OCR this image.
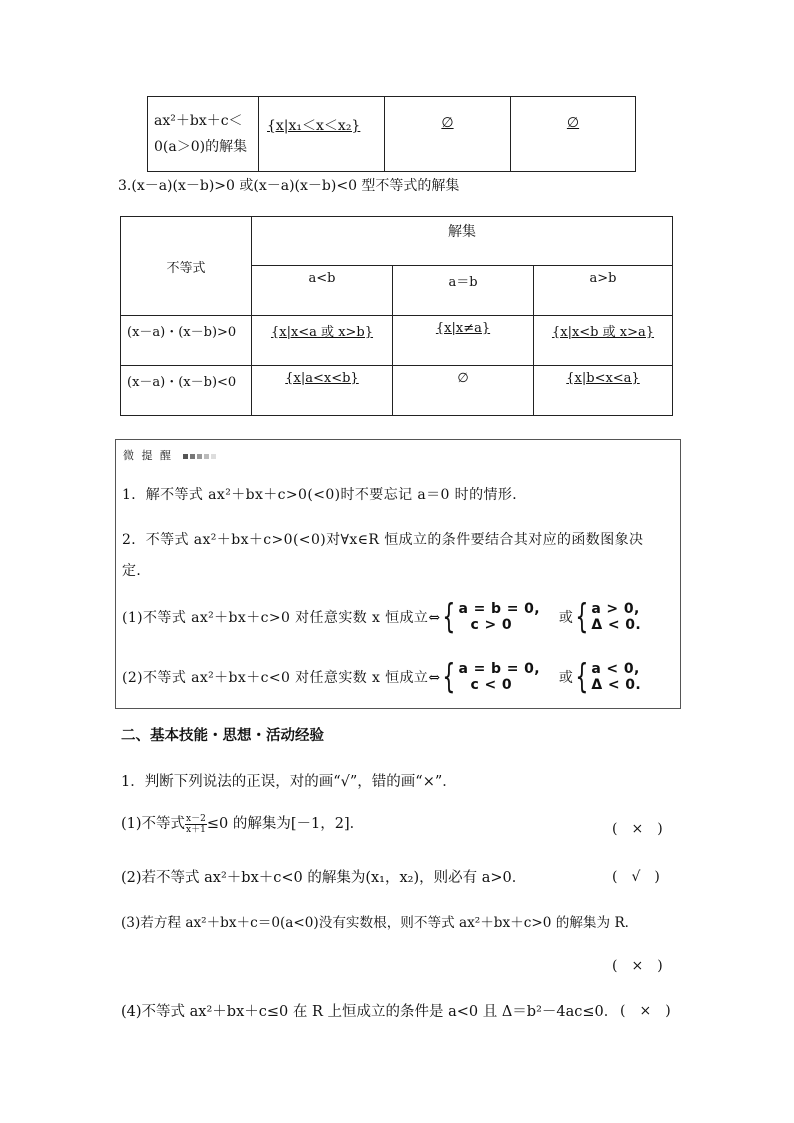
ax²＋bx＋c＜0(a＞0)的解集	{x|x₁＜x＜x₂}	∅	∅
3.(x－a)(x－b)>0 或(x－a)(x－b)<0 型不等式的解集
不等式	解集		
	a<b	a＝b	a>b
(x－a)・(x－b)>0	{x|x<a 或 x>b}	{x|x≠a}	{x|x<b 或 x>a}
(x－a)・(x－b)<0	{x|a<x<b}	∅	{x|b<x<a}
微 提 醒
1．解不等式 ax²＋bx＋c>0(<0)时不要忘记 a＝0 时的情形．
2．不等式 ax²＋bx＋c>0(<0)对∀x∈R 恒成立的条件要结合其对应的函数图象决
定．
(1)不等式 ax²＋bx＋c>0 对任意实数 x 恒成立⇔{ a = b = 0,
c > 0	或{ a > 0,
Δ < 0.
(2)不等式 ax²＋bx＋c<0 对任意实数 x 恒成立⇔{ a = b = 0,
c < 0	或{ a < 0,
Δ < 0.
二、基本技能・思想・活动经验
1．判断下列说法的正误，对的画“√”，错的画“×”．
(1)不等式 $\frac{x-2}{x+1}\le 0$ 的解集为[－1，2]．	(　×　)
(2)若不等式 ax²＋bx＋c<0 的解集为(x₁，x₂)，则必有 a>0．	(　√　)
(3)若方程 ax²＋bx＋c＝0(a<0)没有实数根，则不等式 ax²＋bx＋c>0 的解集为 R．
(　×　)
(4)不等式 ax²＋bx＋c≤0 在 R 上恒成立的条件是 a<0 且 Δ＝b²－4ac≤0． (　×　)
